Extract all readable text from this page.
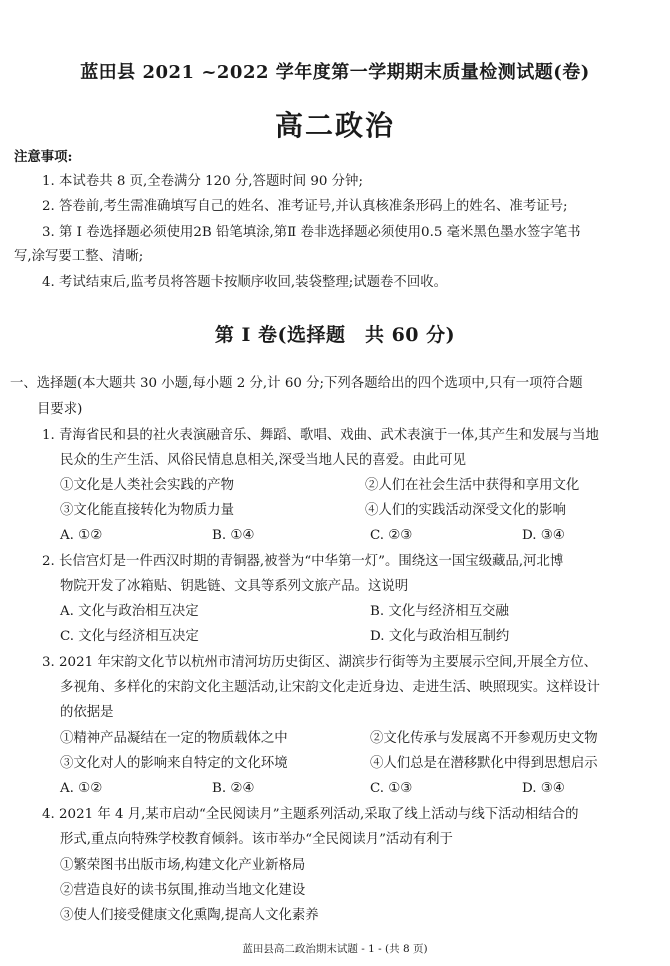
蓝田县 2021 ~2022 学年度第一学期期末质量检测试题(卷)
高二政治
注意事项:
1. 本试卷共 8 页,全卷满分 120 分,答题时间 90 分钟;
2. 答卷前,考生需准确填写自己的姓名、准考证号,并认真核准条形码上的姓名、准考证号;
3. 第 Ⅰ 卷选择题必须使用2B 铅笔填涂,第Ⅱ 卷非选择题必须使用0.5 毫米黑色墨水签字笔书
写,涂写要工整、清晰;
4. 考试结束后,监考员将答题卡按顺序收回,装袋整理;试题卷不回收。
第 Ⅰ 卷(选择题　共 60 分)
一、选择题(本大题共 30 小题,每小题 2 分,计 60 分;下列各题给出的四个选项中,只有一项符合题
目要求)
1. 青海省民和县的社火表演融音乐、舞蹈、歌唱、戏曲、武术表演于一体,其产生和发展与当地
民众的生产生活、风俗民情息息相关,深受当地人民的喜爱。由此可见
①文化是人类社会实践的产物	②人们在社会生活中获得和享用文化
③文化能直接转化为物质力量	④人们的实践活动深受文化的影响
A. ①②	B. ①④	C. ②③	D. ③④
2. 长信宫灯是一件西汉时期的青铜器,被誉为“中华第一灯”。围绕这一国宝级藏品,河北博
物院开发了冰箱贴、钥匙链、文具等系列文旅产品。这说明
A. 文化与政治相互决定	B. 文化与经济相互交融
C. 文化与经济相互决定	D. 文化与政治相互制约
3. 2021 年宋韵文化节以杭州市清河坊历史街区、湖滨步行街等为主要展示空间,开展全方位、
多视角、多样化的宋韵文化主题活动,让宋韵文化走近身边、走进生活、映照现实。这样设计
的依据是
①精神产品凝结在一定的物质载体之中	②文化传承与发展离不开参观历史文物
③文化对人的影响来自特定的文化环境	④人们总是在潜移默化中得到思想启示
A. ①②	B. ②④	C. ①③	D. ③④
4. 2021 年 4 月,某市启动“全民阅读月”主题系列活动,采取了线上活动与线下活动相结合的
形式,重点向特殊学校教育倾斜。该市举办“全民阅读月”活动有利于
①繁荣图书出版市场,构建文化产业新格局
②营造良好的读书氛围,推动当地文化建设
③使人们接受健康文化熏陶,提高人文化素养
蓝田县高二政治期末试题 - 1 - (共 8 页)
